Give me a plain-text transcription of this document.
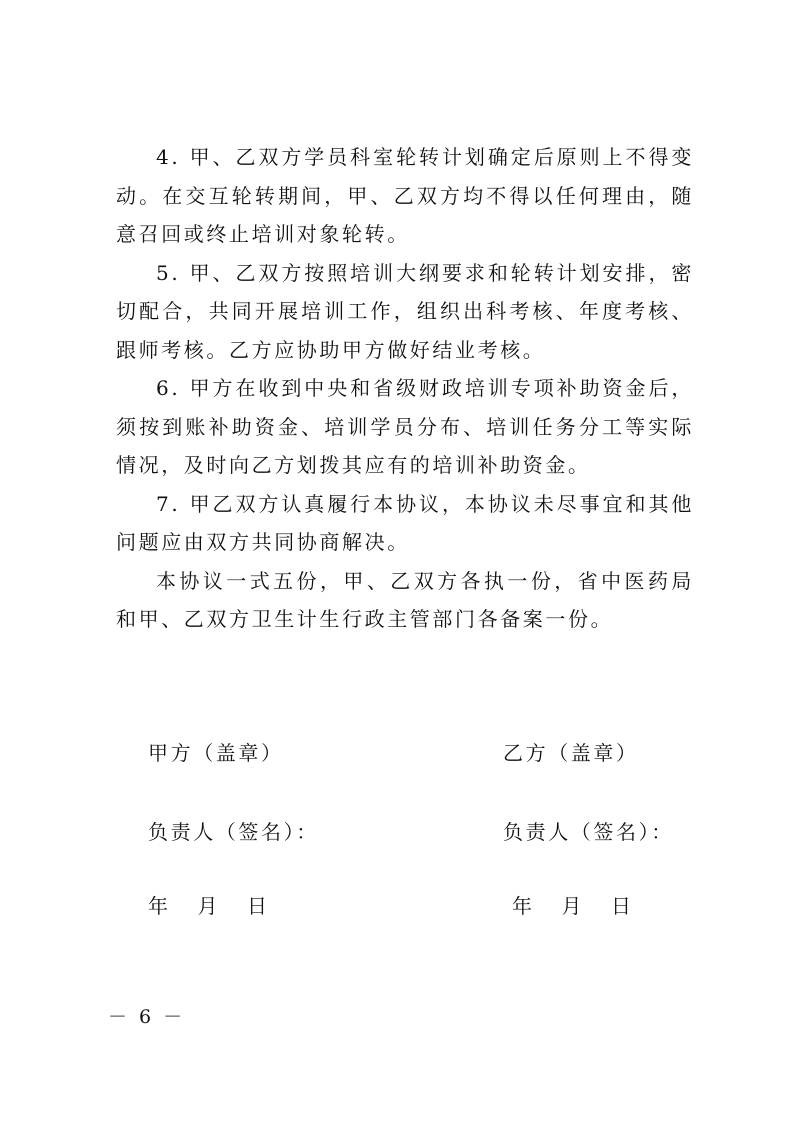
4. 甲、乙双方学员科室轮转计划确定后原则上不得变动。在交互轮转期间，甲、乙双方均不得以任何理由，随意召回或终止培训对象轮转。

5. 甲、乙双方按照培训大纲要求和轮转计划安排，密切配合，共同开展培训工作，组织出科考核、年度考核、跟师考核。乙方应协助甲方做好结业考核。

6. 甲方在收到中央和省级财政培训专项补助资金后，须按到账补助资金、培训学员分布、培训任务分工等实际情况，及时向乙方划拨其应有的培训补助资金。

7. 甲乙双方认真履行本协议，本协议未尽事宜和其他问题应由双方共同协商解决。

本协议一式五份，甲、乙双方各执一份，省中医药局和甲、乙双方卫生计生行政主管部门各备案一份。

甲方（盖章）	乙方（盖章）
负责人（签名）：	负责人（签名）：
年   月   日	年   月   日
－ 6 －
